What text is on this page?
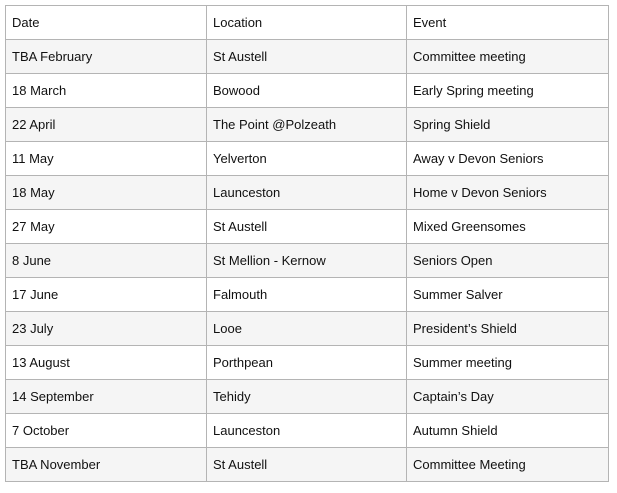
Date	Location	Event
TBA February	St Austell	Committee meeting
18 March	Bowood	Early Spring meeting
22 April	The Point @Polzeath	Spring Shield
11 May	Yelverton	Away v Devon Seniors
18 May	Launceston	Home v Devon Seniors
27 May	St Austell	Mixed Greensomes
8 June	St Mellion - Kernow	Seniors Open
17 June	Falmouth	Summer Salver
23 July	Looe	President’s Shield
13 August	Porthpean	Summer meeting
14 September	Tehidy	Captain’s Day
7 October	Launceston	Autumn Shield
TBA November	St Austell	Committee Meeting
